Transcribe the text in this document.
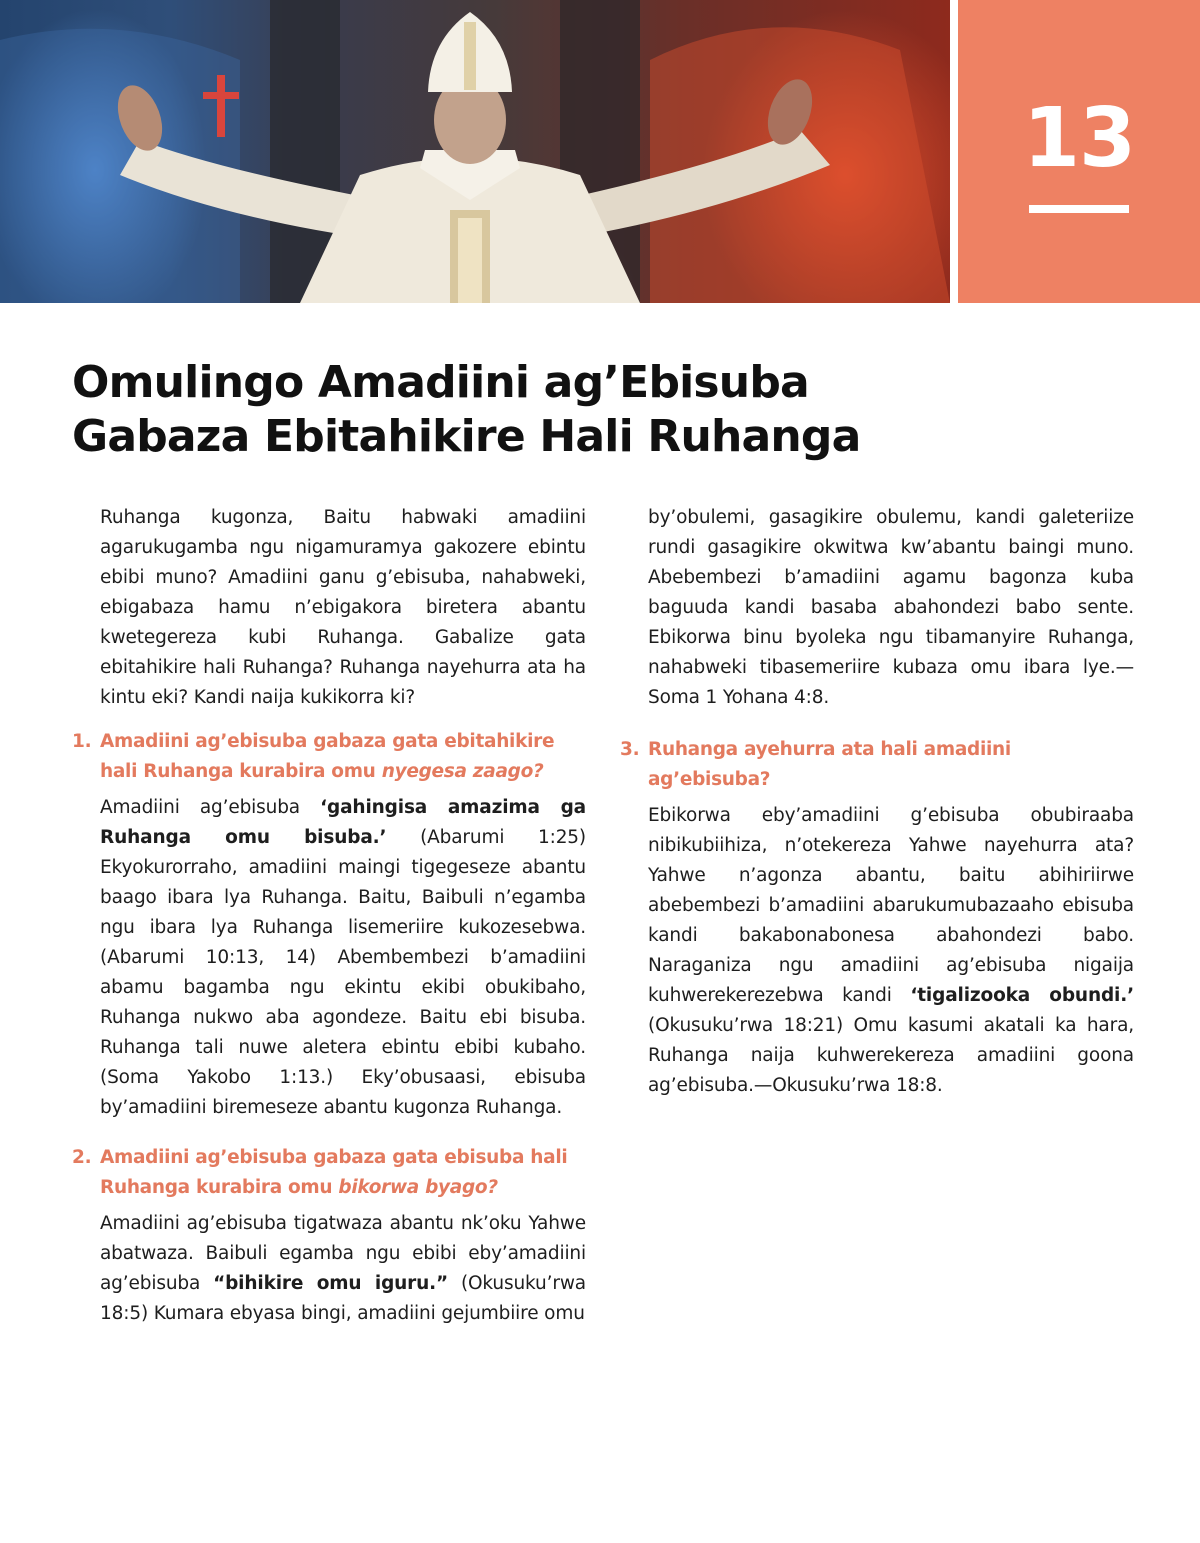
13
Omulingo Amadiini ag’Ebisuba
Gabaza Ebitahikire Hali Ruhanga

Ruhanga kugonza, Baitu habwaki amadiini agarukugamba ngu nigamuramya gakozere ebintu ebibi muno? Amadiini ganu g’ebisuba, nahabweki, ebigabaza hamu n’ebigakora biretera abantu kwetegereza kubi Ruhanga. Gabalize gata ebitahikire hali Ruhanga? Ruhanga nayehurra ata ha kintu eki? Kandi naija kukikorra ki?

1. Amadiini ag’ebisuba gabaza gata ebitahikire hali Ruhanga kurabira omu nyegesa zaago?

Amadiini ag’ebisuba ‘gahingisa amazima ga Ruhanga omu bisuba.’ (Abarumi 1:25) Ekyokurorraho, amadiini maingi tigegeseze abantu baago ibara lya Ruhanga. Baitu, Baibuli n’egamba ngu ibara lya Ruhanga lisemeriire kukozesebwa. (Abarumi 10:13, 14) Abembembezi b’amadiini abamu bagamba ngu ekintu ekibi obukibaho, Ruhanga nukwo aba agondeze. Baitu ebi bisuba. Ruhanga tali nuwe aletera ebintu ebibi kubaho. (Soma Yakobo 1:13.) Eky’obusaasi, ebisuba by’amadiini biremeseze abantu kugonza Ruhanga.

2. Amadiini ag’ebisuba gabaza gata ebisuba hali Ruhanga kurabira omu bikorwa byago?

Amadiini ag’ebisuba tigatwaza abantu nk’oku Yahwe abatwaza. Baibuli egamba ngu ebibi eby’amadiini ag’ebisuba “bihikire omu iguru.” (Okusuku’rwa 18:5) Kumara ebyasa bingi, amadiini gejumbiire omu

by’obulemi, gasagikire obulemu, kandi galeteriize rundi gasagikire okwitwa kw’abantu baingi muno. Abebembezi b’amadiini agamu bagonza kuba baguuda kandi basaba abahondezi babo sente. Ebikorwa binu byoleka ngu tibamanyire Ruhanga, nahabweki tibasemeriire kubaza omu ibara lye.—Soma 1 Yohana 4:8.

3. Ruhanga ayehurra ata hali amadiini ag’ebisuba?

Ebikorwa eby’amadiini g’ebisuba obubiraaba nibikubiihiza, n’otekereza Yahwe nayehurra ata? Yahwe n’agonza abantu, baitu abihiriirwe abebembezi b’amadiini abarukumubazaaho ebisuba kandi bakabonabonesa abahondezi babo. Naraganiza ngu amadiini ag’ebisuba nigaija kuhwerekerezebwa kandi ‘tigalizooka obundi.’ (Okusuku’rwa 18:21) Omu kasumi akatali ka hara, Ruhanga naija kuhwerekereza amadiini goona ag’ebisuba.—Okusuku’rwa 18:8.
